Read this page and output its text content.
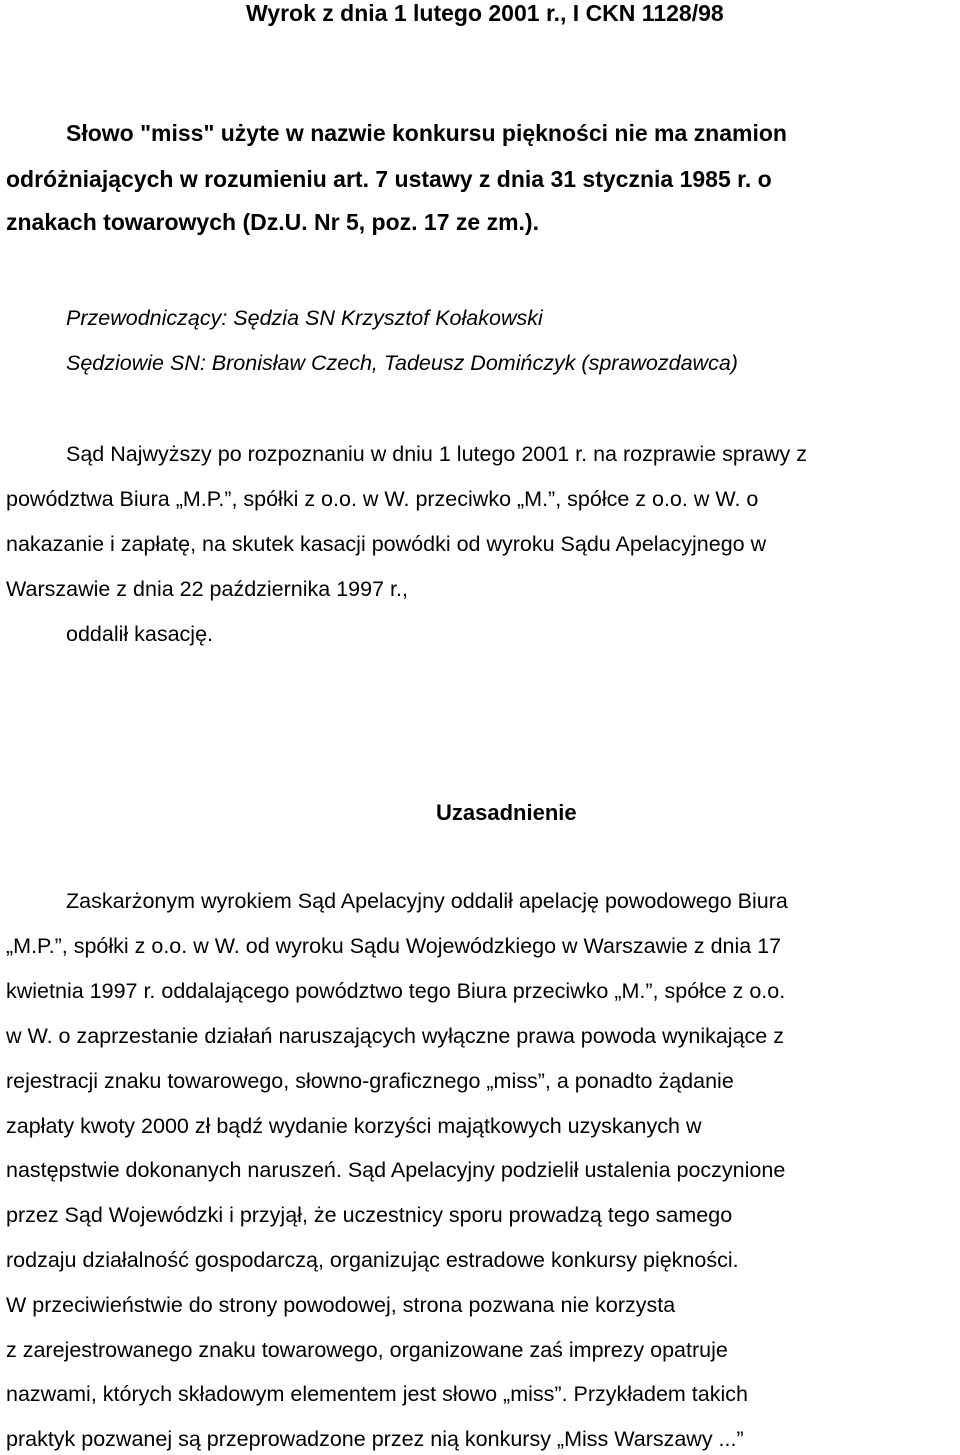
Wyrok z dnia 1 lutego 2001 r., I CKN 1128/98
Słowo "miss" użyte w nazwie konkursu piękności nie ma znamion
odróżniających w rozumieniu art. 7 ustawy z dnia 31 stycznia 1985 r. o
znakach towarowych (Dz.U. Nr 5, poz. 17 ze zm.).
Przewodniczący: Sędzia SN Krzysztof Kołakowski
Sędziowie SN: Bronisław Czech, Tadeusz Domińczyk (sprawozdawca)
Sąd Najwyższy po rozpoznaniu w dniu 1 lutego 2001 r. na rozprawie sprawy z
powództwa Biura „M.P.”, spółki z o.o. w W. przeciwko „M.”, spółce z o.o. w W. o
nakazanie i zapłatę, na skutek kasacji powódki od wyroku Sądu Apelacyjnego w
Warszawie z dnia 22 października 1997 r.,
oddalił kasację.
Uzasadnienie
Zaskarżonym wyrokiem Sąd Apelacyjny oddalił apelację powodowego Biura
„M.P.”, spółki z o.o. w W. od wyroku Sądu Wojewódzkiego w Warszawie z dnia 17
kwietnia 1997 r. oddalającego powództwo tego Biura przeciwko „M.”, spółce z o.o.
w W. o zaprzestanie działań naruszających wyłączne prawa powoda wynikające z
rejestracji znaku towarowego, słowno-graficznego „miss”, a ponadto żądanie
zapłaty kwoty 2000 zł bądź wydanie korzyści majątkowych uzyskanych w
następstwie dokonanych naruszeń. Sąd Apelacyjny podzielił ustalenia poczynione
przez Sąd Wojewódzki i przyjął, że uczestnicy sporu prowadzą tego samego
rodzaju działalność gospodarczą, organizując estradowe konkursy piękności.
W przeciwieństwie do strony powodowej, strona pozwana nie korzysta
z zarejestrowanego znaku towarowego, organizowane zaś imprezy opatruje
nazwami, których składowym elementem jest słowo „miss”. Przykładem takich
praktyk pozwanej są przeprowadzone przez nią konkursy „Miss Warszawy ...”
